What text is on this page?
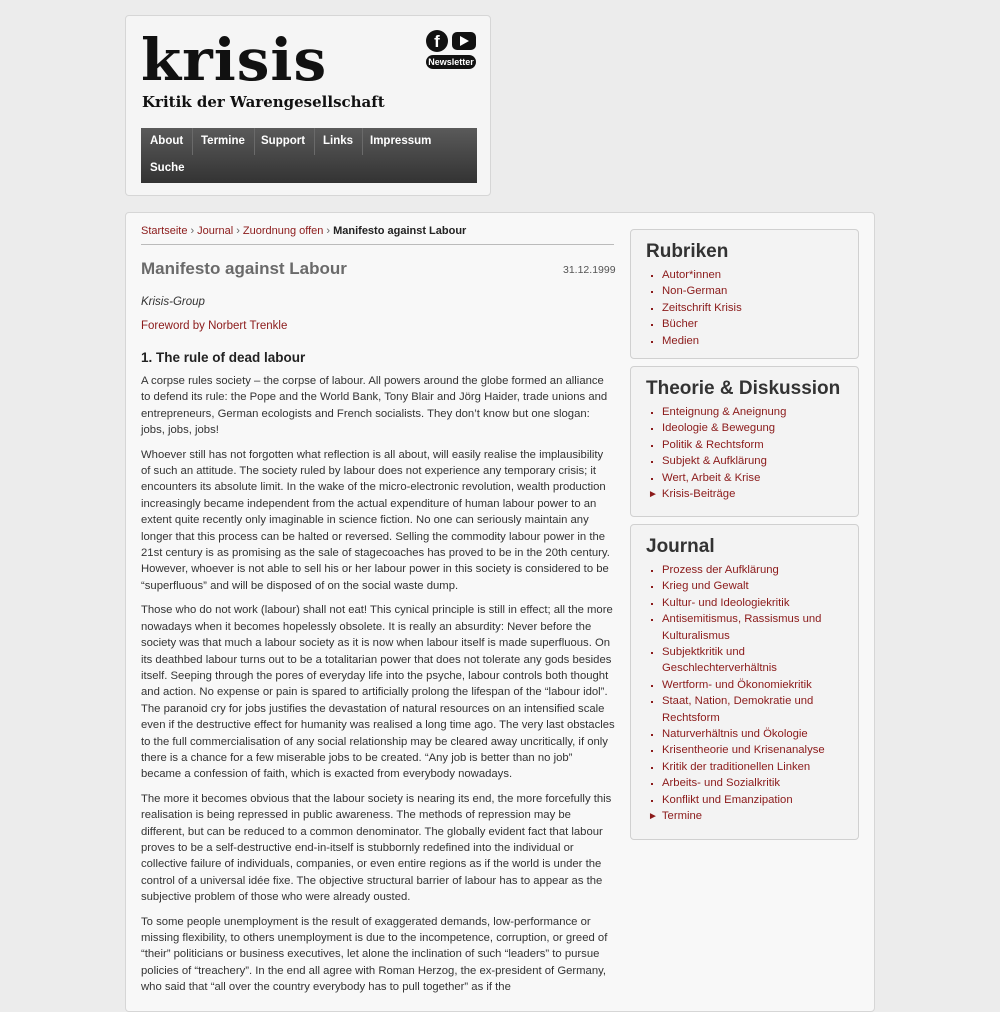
krisis
Kritik der Warengesellschaft
f
Newsletter
About	Termine	Support	Links	Impressum
Suche
Startseite › Journal › Zuordnung offen › Manifesto against Labour
Manifesto against Labour	31.12.1999
Krisis-Group
Foreword by Norbert Trenkle
1. The rule of dead labour

A corpse rules society – the corpse of labour. All powers around the globe formed an alliance to defend its rule: the Pope and the World Bank, Tony Blair and Jörg Haider, trade unions and entrepreneurs, German ecologists and French socialists. They don’t know but one slogan: jobs, jobs, jobs!

Whoever still has not forgotten what reflection is all about, will easily realise the implausibility of such an attitude. The society ruled by labour does not experience any temporary crisis; it encounters its absolute limit. In the wake of the micro-electronic revolution, wealth production increasingly became independent from the actual expenditure of human labour power to an extent quite recently only imaginable in science fiction. No one can seriously maintain any longer that this process can be halted or reversed. Selling the commodity labour power in the 21st century is as promising as the sale of stagecoaches has proved to be in the 20th century. However, whoever is not able to sell his or her labour power in this society is considered to be “superfluous” and will be disposed of on the social waste dump.

Those who do not work (labour) shall not eat! This cynical principle is still in effect; all the more nowadays when it becomes hopelessly obsolete. It is really an absurdity: Never before the society was that much a labour society as it is now when labour itself is made superfluous. On its deathbed labour turns out to be a totalitarian power that does not tolerate any gods besides itself. Seeping through the pores of everyday life into the psyche, labour controls both thought and action. No expense or pain is spared to artificially prolong the lifespan of the “labour idol”. The paranoid cry for jobs justifies the devastation of natural resources on an intensified scale even if the destructive effect for humanity was realised a long time ago. The very last obstacles to the full commercialisation of any social relationship may be cleared away uncritically, if only there is a chance for a few miserable jobs to be created. “Any job is better than no job” became a confession of faith, which is exacted from everybody nowadays.

The more it becomes obvious that the labour society is nearing its end, the more forcefully this realisation is being repressed in public awareness. The methods of repression may be different, but can be reduced to a common denominator. The globally evident fact that labour proves to be a self-destructive end-in-itself is stubbornly redefined into the individual or collective failure of individuals, companies, or even entire regions as if the world is under the control of a universal idée fixe. The objective structural barrier of labour has to appear as the subjective problem of those who were already ousted.

To some people unemployment is the result of exaggerated demands, low-performance or missing flexibility, to others unemployment is due to the incompetence, corruption, or greed of “their” politicians or business executives, let alone the inclination of such “leaders” to pursue policies of “treachery”. In the end all agree with Roman Herzog, the ex-president of Germany, who said that “all over the country everybody has to pull together” as if the

Rubriken
▪ Autor*innen
▪ Non-German
▪ Zeitschrift Krisis
▪ Bücher
▪ Medien
Theorie & Diskussion
▪ Enteignung & Aneignung
▪ Ideologie & Bewegung
▪ Politik & Rechtsform
▪ Subjekt & Aufklärung
▪ Wert, Arbeit & Krise
► Krisis-Beiträge
Journal
▪ Prozess der Aufklärung
▪ Krieg und Gewalt
▪ Kultur- und Ideologiekritik
▪ Antisemitismus, Rassismus und Kulturalismus
▪ Subjektkritik und Geschlechterverhältnis
▪ Wertform- und Ökonomiekritik
▪ Staat, Nation, Demokratie und Rechtsform
▪ Naturverhältnis und Ökologie
▪ Krisentheorie und Krisenanalyse
▪ Kritik der traditionellen Linken
▪ Arbeits- und Sozialkritik
▪ Konflikt und Emanzipation
► Termine
